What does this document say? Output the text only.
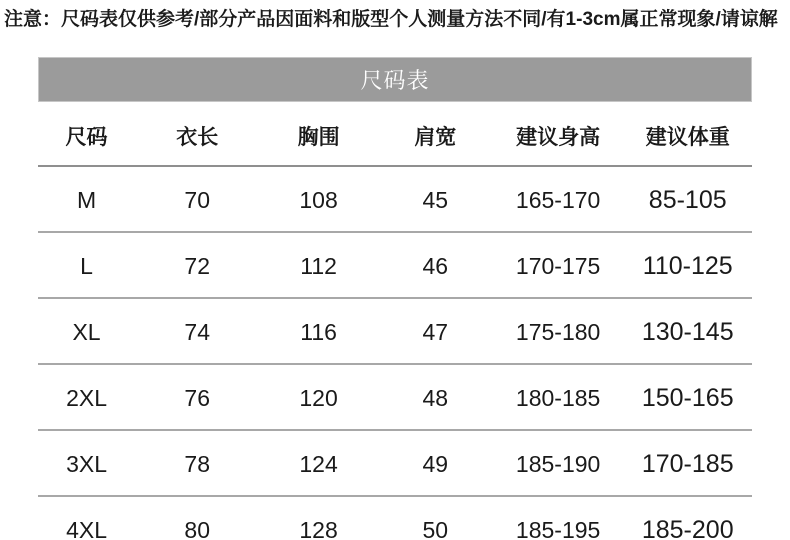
注意：尺码表仅供参考/部分产品因面料和版型个人测量方法不同/有1-3cm属正常现象/请谅解
尺码表
尺码	衣长	胸围	肩宽	建议身高	建议体重
M	70	108	45	165-170	85-105
L	72	112	46	170-175	110-125
XL	74	116	47	175-180	130-145
2XL	76	120	48	180-185	150-165
3XL	78	124	49	185-190	170-185
4XL	80	128	50	185-195	185-200
